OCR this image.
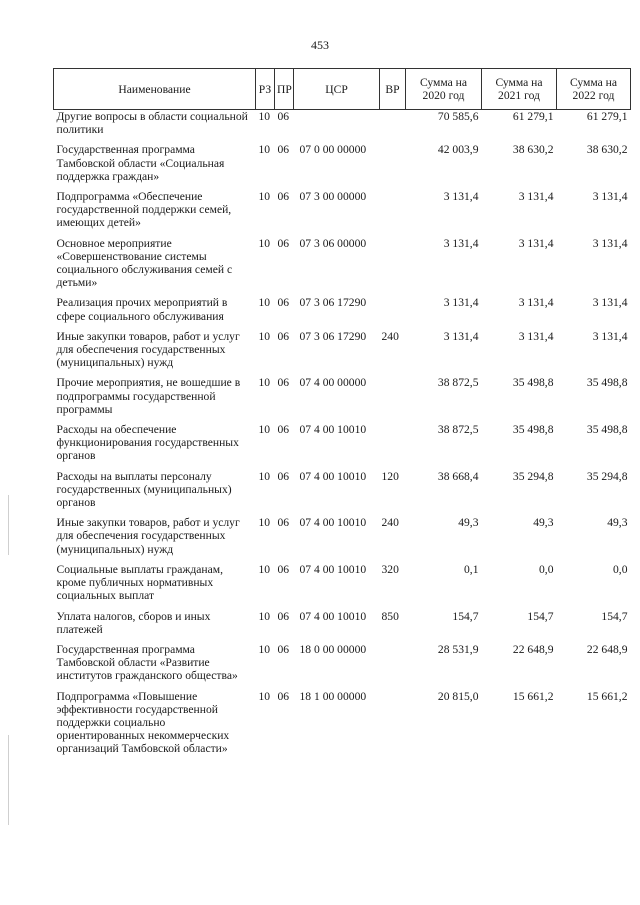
453
Наименование	РЗ	ПР	ЦСР	ВР	Сумма на 2020 год	Сумма на 2021 год	Сумма на 2022 год
Другие вопросы в области социальной политики	10	06			70 585,6	61 279,1	61 279,1

Государственная программа Тамбовской области «Социальная поддержка граждан»	10	06	07 0 00 00000		42 003,9	38 630,2	38 630,2

Подпрограмма «Обеспечение государственной поддержки семей, имеющих детей»	10	06	07 3 00 00000		3 131,4	3 131,4	3 131,4

Основное мероприятие «Совершенствование системы социального обслуживания семей с детьми»	10	06	07 3 06 00000		3 131,4	3 131,4	3 131,4

Реализация прочих мероприятий в сфере социального обслуживания	10	06	07 3 06 17290		3 131,4	3 131,4	3 131,4

Иные закупки товаров, работ и услуг для обеспечения государственных (муниципальных) нужд	10	06	07 3 06 17290	240	3 131,4	3 131,4	3 131,4

Прочие мероприятия, не вошедшие в подпрограммы государственной программы	10	06	07 4 00 00000		38 872,5	35 498,8	35 498,8

Расходы на обеспечение функционирования государственных органов	10	06	07 4 00 10010		38 872,5	35 498,8	35 498,8

Расходы на выплаты персоналу государственных (муниципальных) органов	10	06	07 4 00 10010	120	38 668,4	35 294,8	35 294,8

Иные закупки товаров, работ и услуг для обеспечения государственных (муниципальных) нужд	10	06	07 4 00 10010	240	49,3	49,3	49,3

Социальные выплаты гражданам, кроме публичных нормативных социальных выплат	10	06	07 4 00 10010	320	0,1	0,0	0,0

Уплата налогов, сборов и иных платежей	10	06	07 4 00 10010	850	154,7	154,7	154,7

Государственная программа Тамбовской области «Развитие институтов гражданского общества»	10	06	18 0 00 00000		28 531,9	22 648,9	22 648,9

Подпрограмма «Повышение эффективности государственной поддержки социально ориентированных некоммерческих организаций Тамбовской области»	10	06	18 1 00 00000		20 815,0	15 661,2	15 661,2
